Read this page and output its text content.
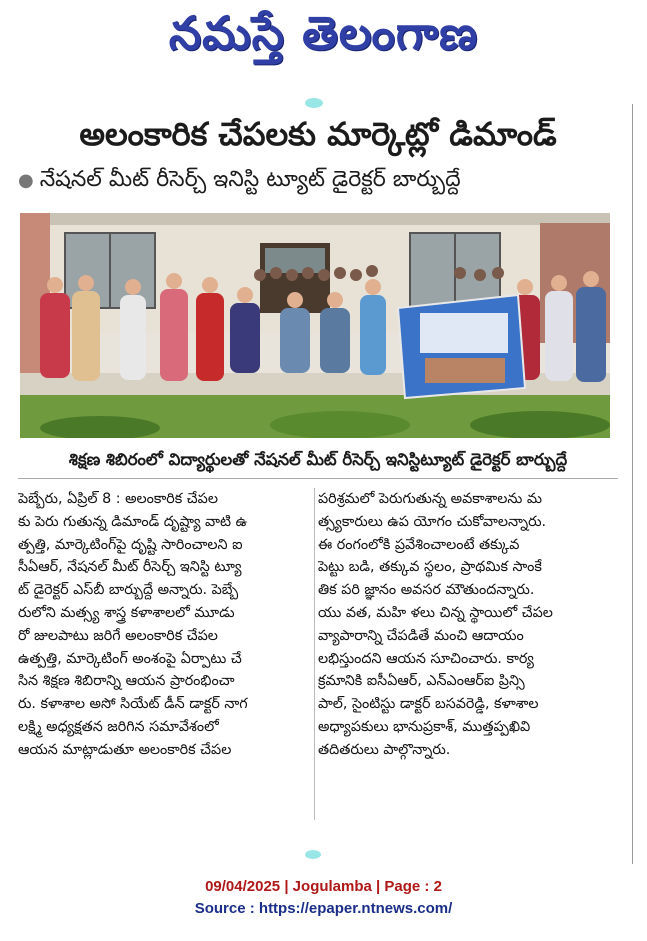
నమస్తే తెలంగాణ
అలంకారిక చేపలకు మార్కెట్లో డిమాండ్
● నేషనల్ మీట్ రీసెర్చ్ ఇనిస్టి ట్యూట్ డైరెక్టర్ బార్బుద్దే
శిక్షణ శిబిరంలో విద్యార్థులతో నేషనల్ మీట్ రీసెర్చ్ ఇనిస్టిట్యూట్ డైరెక్టర్ బార్బుద్దే
పెబ్బేరు, ఏప్రిల్ 8 : అలంకారిక చేపల
కు పెరు గుతున్న డిమాండ్ దృష్ట్యా వాటి ఉ
త్పత్తి, మార్కెటింగ్‌పై దృష్టి సారించాలని ఐ
సీఏఆర్, నేషనల్ మీట్ రీసెర్చ్ ఇనిస్టి ట్యూ
ట్ డైరెక్టర్ ఎస్‌బీ బార్బుద్దే అన్నారు. పెబ్బే
రులోని మత్స్య శాస్త్ర కళాశాలలో మూడు
రో జులపాటు జరిగే అలంకారిక చేపల
ఉత్పత్తి, మార్కెటింగ్ అంశంపై ఏర్పాటు చే
సిన శిక్షణ శిబిరాన్ని ఆయన ప్రారంభించా
రు. కళాశాల అసో సియేట్ డీన్ డాక్టర్ నాగ
లక్ష్మి అధ్యక్షతన జరిగిన సమావేశంలో
ఆయన మాట్లాడుతూ అలంకారిక చేపల
పరిశ్రమలో పెరుగుతున్న అవకాశాలను మ
త్స్యకారులు ఉప యోగం చుకోవాలన్నారు.
ఈ రంగంలోకి ప్రవేశించాలంటే తక్కువ
పెట్టు బడి, తక్కువ స్థలం, ప్రాథమిక సాంకే
తిక పరి జ్ఞానం అవసర మౌతుందన్నారు.
యు వత, మహి ళలు చిన్న స్థాయిలో చేపల
వ్యాపారాన్ని చేపడితే మంచి ఆదాయం
లభిస్తుందని ఆయన సూచించారు. కార్య
క్రమానికి ఐసీఏఆర్, ఎన్‌ఎంఆర్‌ఐ ప్రిన్సి
పాల్, సైంటిస్టు డాక్టర్ బసవరెడ్డి, కళాశాల
అధ్యాపకులు భానుప్రకాశ్, ముత్తప్పఖివి
తదితరులు పాల్గొన్నారు.
09/04/2025 | Jogulamba | Page : 2
Source : https://epaper.ntnews.com/
